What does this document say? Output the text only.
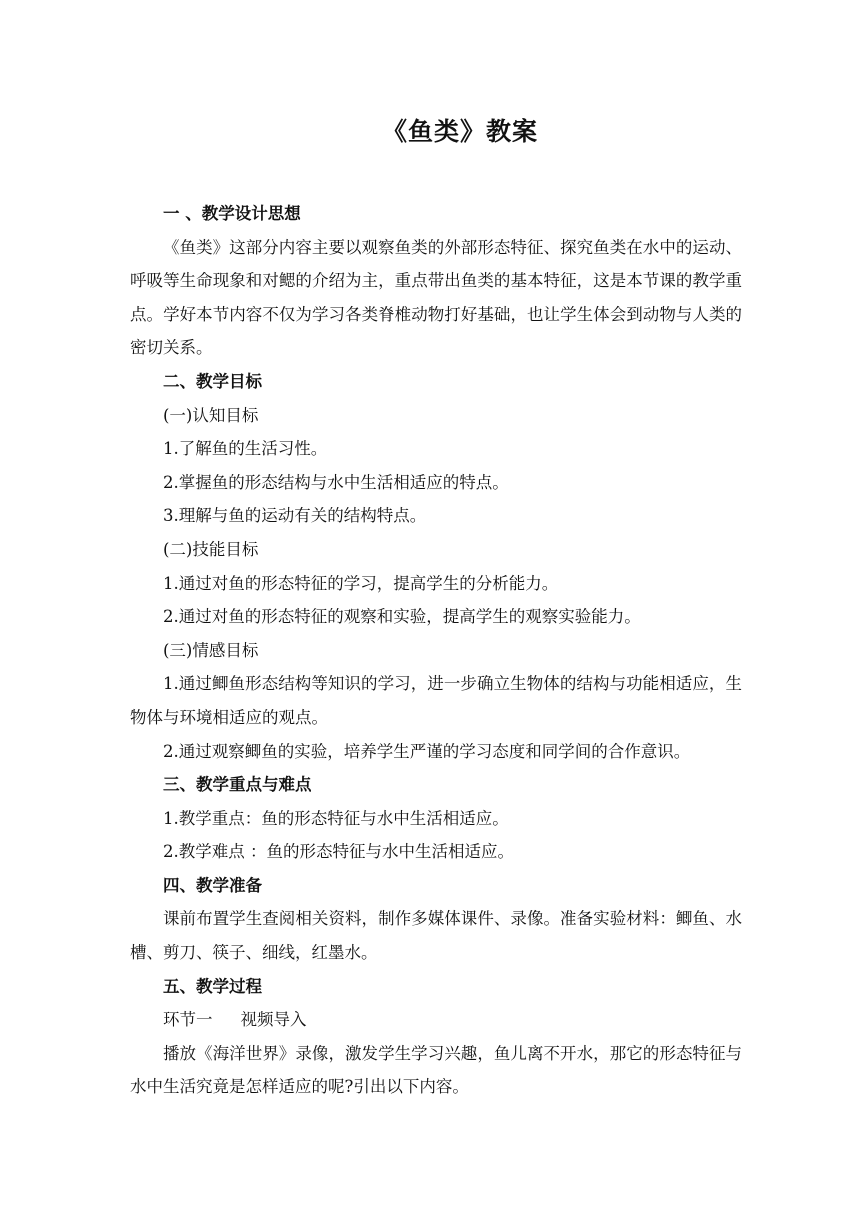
《鱼类》教案
一 、教学设计思想
《鱼类》这部分内容主要以观察鱼类的外部形态特征、探究鱼类在水中的运动、呼吸等生命现象和对鳃的介绍为主，重点带出鱼类的基本特征，这是本节课的教学重点。学好本节内容不仅为学习各类脊椎动物打好基础，也让学生体会到动物与人类的密切关系。
二、教学目标
(一)认知目标
1.了解鱼的生活习性。
2.掌握鱼的形态结构与水中生活相适应的特点。
3.理解与鱼的运动有关的结构特点。
(二)技能目标
1.通过对鱼的形态特征的学习，提高学生的分析能力。
2.通过对鱼的形态特征的观察和实验，提高学生的观察实验能力。
(三)情感目标
1.通过鲫鱼形态结构等知识的学习，进一步确立生物体的结构与功能相适应，生物体与环境相适应的观点。
2.通过观察鲫鱼的实验，培养学生严谨的学习态度和同学间的合作意识。
三、教学重点与难点
1.教学重点：鱼的形态特征与水中生活相适应。
2.教学难点 ：鱼的形态特征与水中生活相适应。
四、教学准备
课前布置学生查阅相关资料，制作多媒体课件、录像。准备实验材料：鲫鱼、水槽、剪刀、筷子、细线，红墨水。
五、教学过程
环节一 视频导入
播放《海洋世界》录像，激发学生学习兴趣，鱼儿离不开水，那它的形态特征与水中生活究竟是怎样适应的呢?引出以下内容。
